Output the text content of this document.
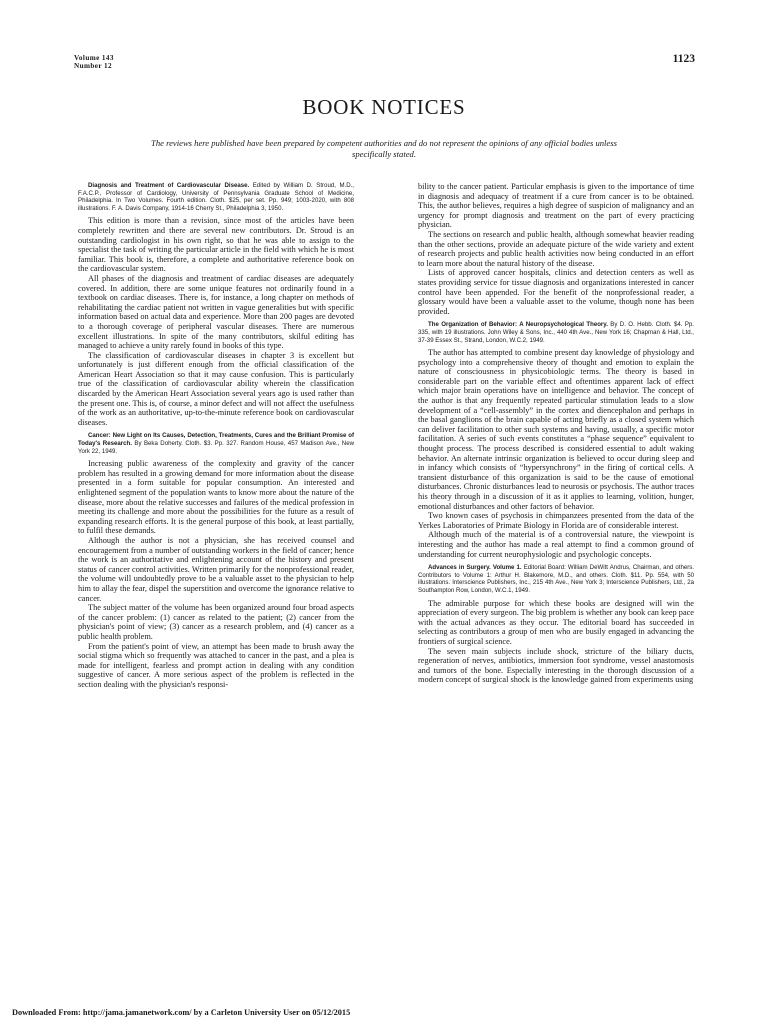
Volume 143
Number 12
1123
BOOK NOTICES
The reviews here published have been prepared by competent authorities and do not represent the opinions of any official bodies unless specifically stated.
Diagnosis and Treatment of Cardiovascular Disease. Edited by William D. Stroud, M.D., F.A.C.P., Professor of Cardiology, University of Pennsylvania Graduate School of Medicine, Philadelphia. In Two Volumes. Fourth edition. Cloth. $25, per set. Pp. 949; 1003-2020, with 808 illustrations. F. A. Davis Company, 1914-16 Cherry St., Philadelphia 3, 1950.

This edition is more than a revision, since most of the articles have been completely rewritten and there are several new contributors. Dr. Stroud is an outstanding cardiologist in his own right, so that he was able to assign to the specialist the task of writing the particular article in the field with which he is most familiar. This book is, therefore, a complete and authoritative reference book on the cardiovascular system.

All phases of the diagnosis and treatment of cardiac diseases are adequately covered. In addition, there are some unique features not ordinarily found in a textbook on cardiac diseases. There is, for instance, a long chapter on methods of rehabilitating the cardiac patient not written in vague generalities but with specific information based on actual data and experience. More than 200 pages are devoted to a thorough coverage of peripheral vascular diseases. There are numerous excellent illustrations. In spite of the many contributors, skilful editing has managed to achieve a unity rarely found in books of this type.

The classification of cardiovascular diseases in chapter 3 is excellent but unfortunately is just different enough from the official classification of the American Heart Association so that it may cause confusion. This is particularly true of the classification of cardiovascular ability wherein the classification discarded by the American Heart Association several years ago is used rather than the present one. This is, of course, a minor defect and will not affect the usefulness of the work as an authoritative, up-to-the-minute reference book on cardiovascular diseases.

Cancer: New Light on Its Causes, Detection, Treatments, Cures and the Brilliant Promise of Today's Research. By Beka Doherty. Cloth. $3. Pp. 327. Random House, 457 Madison Ave., New York 22, 1949.

Increasing public awareness of the complexity and gravity of the cancer problem has resulted in a growing demand for more information about the disease presented in a form suitable for popular consumption. An interested and enlightened segment of the population wants to know more about the nature of the disease, more about the relative successes and failures of the medical profession in meeting its challenge and more about the possibilities for the future as a result of expanding research efforts. It is the general purpose of this book, at least partially, to fulfil these demands.

Although the author is not a physician, she has received counsel and encouragement from a number of outstanding workers in the field of cancer; hence the work is an authoritative and enlightening account of the history and present status of cancer control activities. Written primarily for the nonprofessional reader, the volume will undoubtedly prove to be a valuable asset to the physician to help him to allay the fear, dispel the superstition and overcome the ignorance relative to cancer.

The subject matter of the volume has been organized around four broad aspects of the cancer problem: (1) cancer as related to the patient; (2) cancer from the physician's point of view; (3) cancer as a research problem, and (4) cancer as a public health problem.

From the patient's point of view, an attempt has been made to brush away the social stigma which so frequently was attached to cancer in the past, and a plea is made for intelligent, fearless and prompt action in dealing with any condition suggestive of cancer. A more serious aspect of the problem is reflected in the section dealing with the physician's responsi-

bility to the cancer patient. Particular emphasis is given to the importance of time in diagnosis and adequacy of treatment if a cure from cancer is to be obtained. This, the author believes, requires a high degree of suspicion of malignancy and an urgency for prompt diagnosis and treatment on the part of every practicing physician.

The sections on research and public health, although somewhat heavier reading than the other sections, provide an adequate picture of the wide variety and extent of research projects and public health activities now being conducted in an effort to learn more about the natural history of the disease.

Lists of approved cancer hospitals, clinics and detection centers as well as states providing service for tissue diagnosis and organizations interested in cancer control have been appended. For the benefit of the nonprofessional reader, a glossary would have been a valuable asset to the volume, though none has been provided.

The Organization of Behavior: A Neuropsychological Theory. By D. O. Hebb. Cloth. $4. Pp. 335, with 19 illustrations. John Wiley & Sons, Inc., 440 4th Ave., New York 16; Chapman & Hall, Ltd., 37-39 Essex St., Strand, London, W.C.2, 1949.

The author has attempted to combine present day knowledge of physiology and psychology into a comprehensive theory of thought and emotion to explain the nature of consciousness in physicobiologic terms. The theory is based in considerable part on the variable effect and oftentimes apparent lack of effect which major brain operations have on intelligence and behavior. The concept of the author is that any frequently repeated particular stimulation leads to a slow development of a “cell-assembly” in the cortex and diencephalon and perhaps in the basal ganglions of the brain capable of acting briefly as a closed system which can deliver facilitation to other such systems and having, usually, a specific motor facilitation. A series of such events constitutes a “phase sequence” equivalent to thought process. The process described is considered essential to adult waking behavior. An alternate intrinsic organization is believed to occur during sleep and in infancy which consists of “hypersynchrony” in the firing of cortical cells. A transient disturbance of this organization is said to be the cause of emotional disturbances. Chronic disturbances lead to neurosis or psychosis. The author traces his theory through in a discussion of it as it applies to learning, volition, hunger, emotional disturbances and other factors of behavior.

Two known cases of psychosis in chimpanzees presented from the data of the Yerkes Laboratories of Primate Biology in Florida are of considerable interest.

Although much of the material is of a controversial nature, the viewpoint is interesting and the author has made a real attempt to find a common ground of understanding for current neurophysiologic and psychologic concepts.

Advances in Surgery. Volume 1. Editorial Board: William DeWitt Andrus, Chairman, and others. Contributors to Volume 1: Arthur H. Blakemore, M.D., and others. Cloth. $11. Pp. 554, with 50 illustrations. Interscience Publishers, Inc., 215 4th Ave., New York 3; Interscience Publishers, Ltd., 2a Southampton Row, London, W.C.1, 1949.

The admirable purpose for which these books are designed will win the appreciation of every surgeon. The big problem is whether any book can keep pace with the actual advances as they occur. The editorial board has succeeded in selecting as contributors a group of men who are busily engaged in advancing the frontiers of surgical science.

The seven main subjects include shock, stricture of the biliary ducts, regeneration of nerves, antibiotics, immersion foot syndrome, vessel anastomosis and tumors of the bone. Especially interesting in the thorough discussion of a modern concept of surgical shock is the knowledge gained from experiments using

Downloaded From: http://jama.jamanetwork.com/ by a Carleton University User on 05/12/2015
